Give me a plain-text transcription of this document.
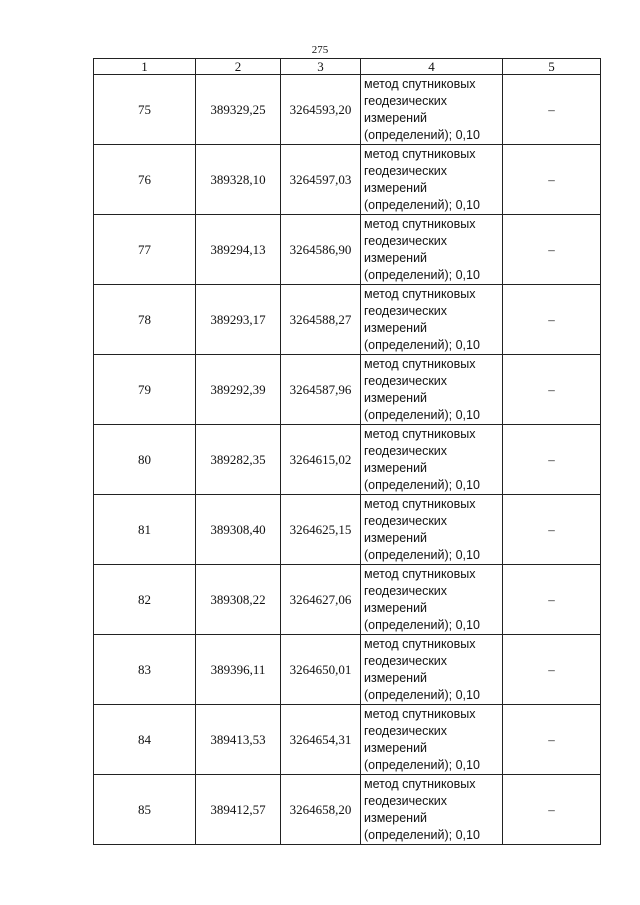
275
1	2	3	4	5
75	389329,25	3264593,20	метод спутниковых
геодезических
измерений
(определений); 0,10	–
76	389328,10	3264597,03	метод спутниковых
геодезических
измерений
(определений); 0,10	–
77	389294,13	3264586,90	метод спутниковых
геодезических
измерений
(определений); 0,10	–
78	389293,17	3264588,27	метод спутниковых
геодезических
измерений
(определений); 0,10	–
79	389292,39	3264587,96	метод спутниковых
геодезических
измерений
(определений); 0,10	–
80	389282,35	3264615,02	метод спутниковых
геодезических
измерений
(определений); 0,10	–
81	389308,40	3264625,15	метод спутниковых
геодезических
измерений
(определений); 0,10	–
82	389308,22	3264627,06	метод спутниковых
геодезических
измерений
(определений); 0,10	–
83	389396,11	3264650,01	метод спутниковых
геодезических
измерений
(определений); 0,10	–
84	389413,53	3264654,31	метод спутниковых
геодезических
измерений
(определений); 0,10	–
85	389412,57	3264658,20	метод спутниковых
геодезических
измерений
(определений); 0,10	–
